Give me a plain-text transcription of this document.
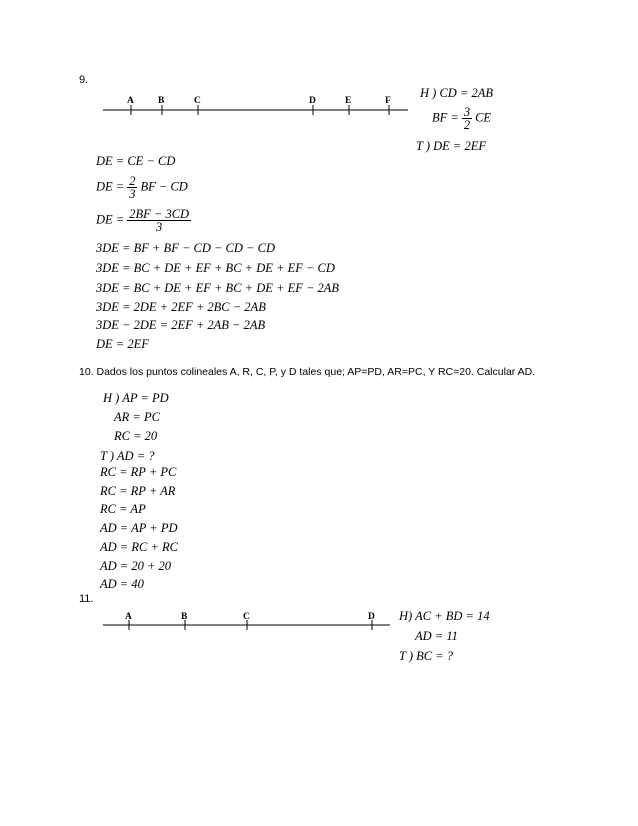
9.
A	B	C	D	E	F
H ) CD = 2AB
BF = $\frac{3}{2}$ CE
T ) DE = 2EF
DE = CE − CD
DE = $\frac{2}{3}$ BF − CD
DE = $\frac{2BF - 3CD}{3}$
3DE = BF + BF − CD − CD − CD
3DE = BC + DE + EF + BC + DE + EF − CD
3DE = BC + DE + EF + BC + DE + EF − 2AB
3DE = 2DE + 2EF + 2BC − 2AB
3DE − 2DE = 2EF + 2AB − 2AB
DE = 2EF
10. Dados los puntos colineales A, R, C, P, y D tales que; AP=PD, AR=PC, Y RC=20. Calcular AD.
H ) AP = PD
AR = PC
RC = 20
T ) AD = ?
RC = RP + PC
RC = RP + AR
RC = AP
AD = AP + PD
AD = RC + RC
AD = 20 + 20
AD = 40
11.
A	B	C	D H) AC + BD = 14
AD = 11
T ) BC = ?
